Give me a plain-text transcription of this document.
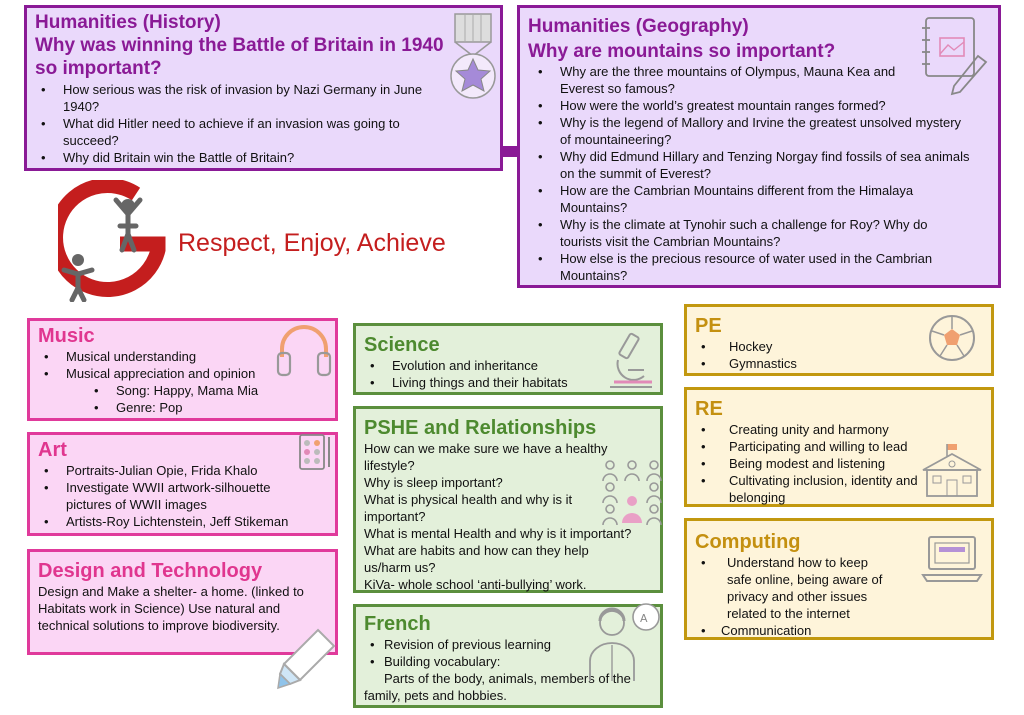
Humanities (History)
Why was winning the Battle of Britain in 1940 so important?
• How serious was the risk of invasion by Nazi Germany in June 1940?
• What did Hitler need to achieve if an invasion was going to succeed?
• Why did Britain win the Battle of Britain?
Humanities (Geography)
Why are mountains so important?
• Why are the three mountains of Olympus, Mauna Kea and Everest so famous?
• How were the world’s greatest mountain ranges formed?
• Why is the legend of Mallory and Irvine the greatest unsolved mystery of mountaineering?
• Why did Edmund Hillary and Tenzing Norgay find fossils of sea animals on the summit of Everest?
• How are the Cambrian Mountains different from the Himalaya Mountains?
• Why is the climate at Tynohir such a challenge for Roy? Why do tourists visit the Cambrian Mountains?
• How else is the precious resource of water used in the Cambrian Mountains?
Respect, Enjoy, Achieve
Music
• Musical understanding
• Musical appreciation and opinion
• Song: Happy, Mama Mia
• Genre: Pop
Art
• Portraits-Julian Opie, Frida Khalo
• Investigate WWII artwork-silhouette pictures of WWII images
• Artists-Roy Lichtenstein, Jeff Stikeman
Design and Technology

Design and Make a shelter- a home. (linked to Habitats work in Science) Use natural and technical solutions to improve biodiversity.

Science
• Evolution and inheritance
• Living things and their habitats
PSHE and Relationships

How can we make sure we have a healthy lifestyle?

Why is sleep important?

What is physical health and why is it important?

What is mental Health and why is it important?

What are habits and how can they help us/harm us?

KiVa- whole school ‘anti-bullying’ work.

French
• Revision of previous learning
• Building vocabulary:

Parts of the body, animals, members of the family, pets and hobbies.

A
PE
• Hockey
• Gymnastics
RE
• Creating unity and harmony
• Participating and willing to lead
• Being modest and listening
• Cultivating inclusion, identity and belonging
Computing
• Understand how to keep safe online, being aware of privacy and other issues related to the internet
• Communication
